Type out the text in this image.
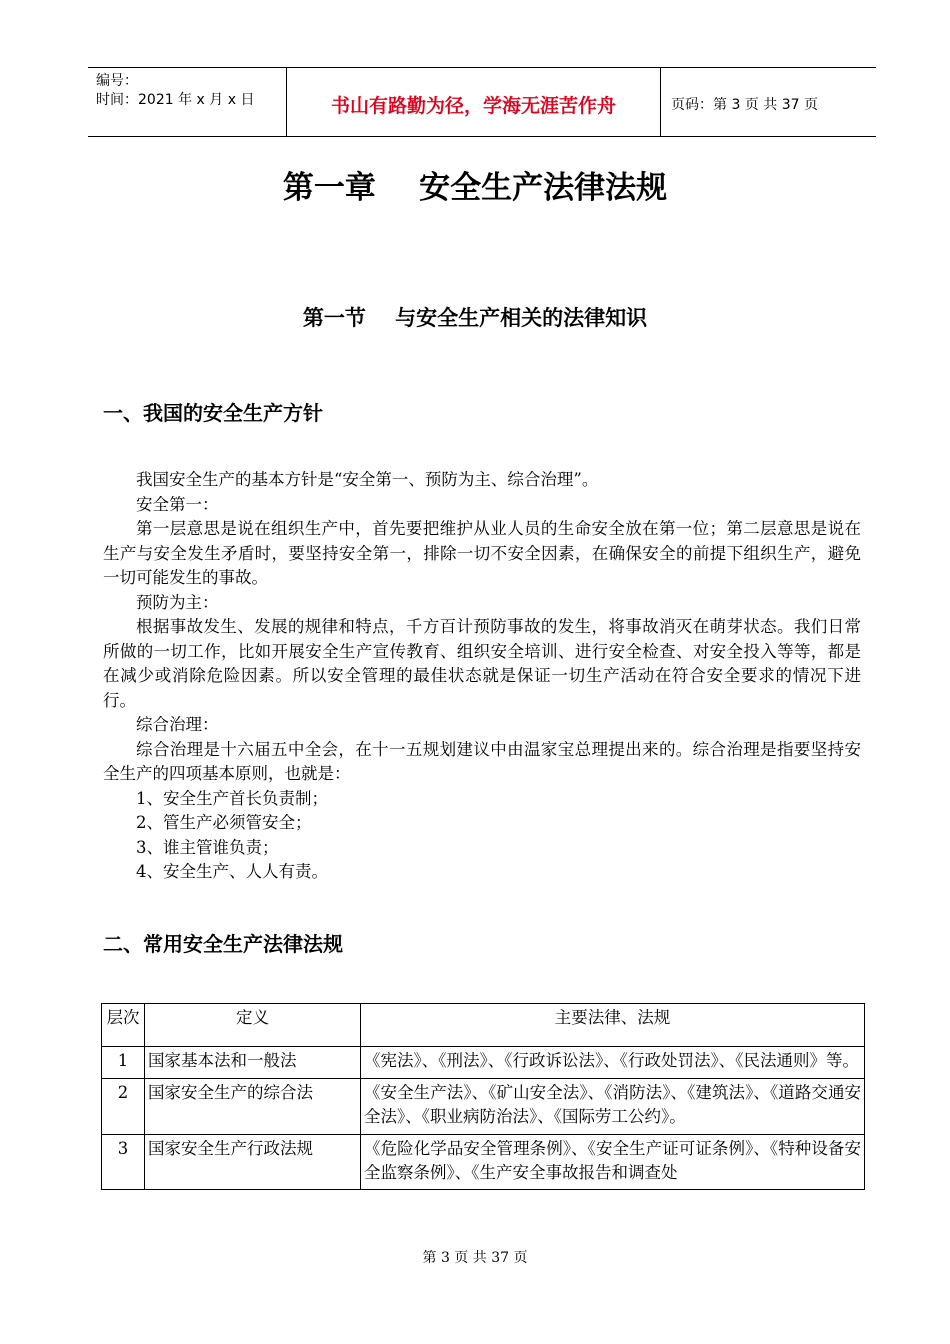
编号：
时间：2021 年 x 月 x 日	书山有路勤为径，学海无涯苦作舟	页码：第 3 页 共 37 页
第一章    安全生产法律法规
第一节    与安全生产相关的法律知识
一、我国的安全生产方针

我国安全生产的基本方针是“安全第一、预防为主、综合治理”。

安全第一：

第一层意思是说在组织生产中，首先要把维护从业人员的生命安全放在第一位；第二层意思是说在生产与安全发生矛盾时，要坚持安全第一，排除一切不安全因素，在确保安全的前提下组织生产，避免一切可能发生的事故。

预防为主：

根据事故发生、发展的规律和特点，千方百计预防事故的发生，将事故消灭在萌芽状态。我们日常所做的一切工作，比如开展安全生产宣传教育、组织安全培训、进行安全检查、对安全投入等等，都是在减少或消除危险因素。所以安全管理的最佳状态就是保证一切生产活动在符合安全要求的情况下进行。

综合治理：

综合治理是十六届五中全会，在十一五规划建议中由温家宝总理提出来的。综合治理是指要坚持安全生产的四项基本原则，也就是：

1、安全生产首长负责制；

2、管生产必须管安全；

3、谁主管谁负责；

4、安全生产、人人有责。

二、常用安全生产法律法规
层次	定义	主要法律、法规
1	国家基本法和一般法	《宪法》、《刑法》、《行政诉讼法》、《行政处罚法》、《民法通则》等。
2	国家安全生产的综合法	《安全生产法》、《矿山安全法》、《消防法》、《建筑法》、《道路交通安全法》、《职业病防治法》、《国际劳工公约》。
3	国家安全生产行政法规	《危险化学品安全管理条例》、《安全生产证可证条例》、《特种设备安全监察条例》、《生产安全事故报告和调查处
第 3 页 共 37 页
